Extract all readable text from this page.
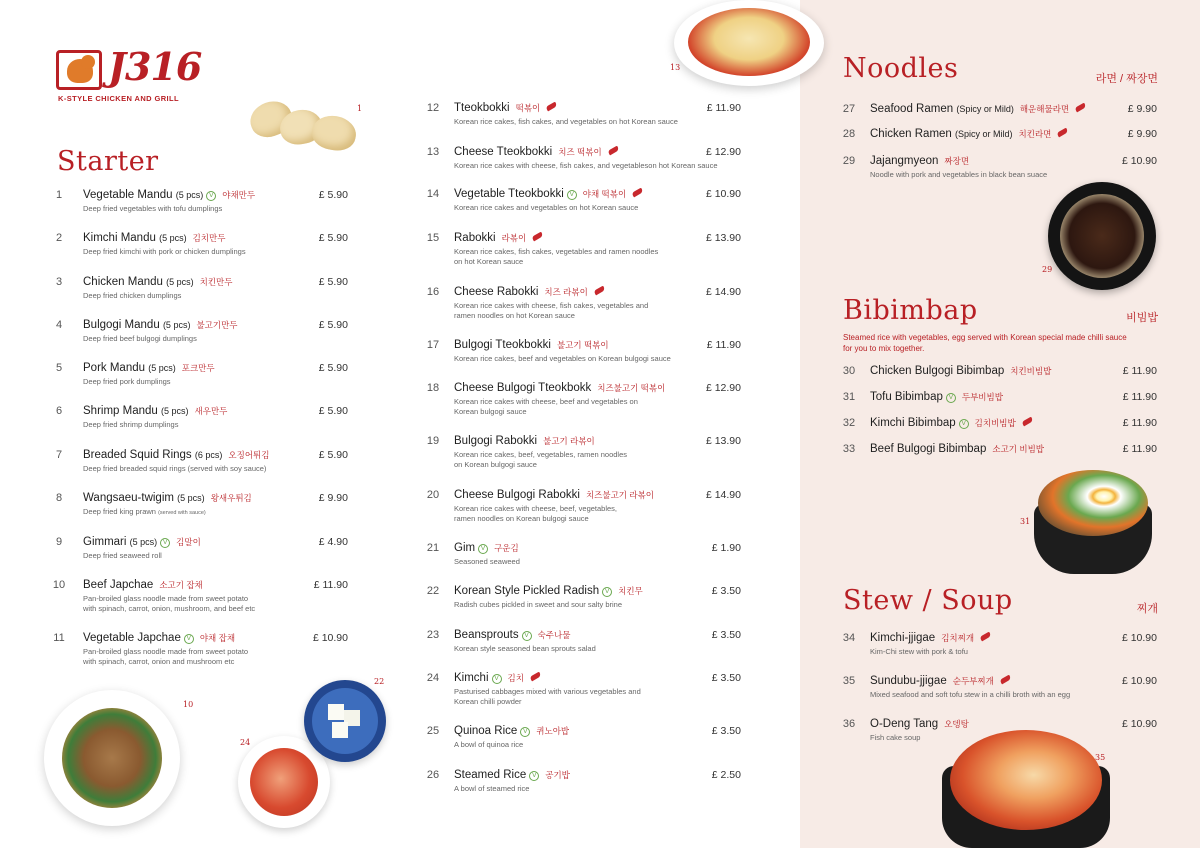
J316
K-STYLE CHICKEN AND GRILL
1
10
24
22
13
29
31
35
Starter
Noodles	라면 / 짜장면
Bibimbap	비빔밥
Steamed rice with vegetables, egg served with Korean special made chilli sauce
for you to mix together.
Stew / Soup	찌개
1	Vegetable Mandu (5 pcs) V 야채만두	£ 5.90
Deep fried vegetables with tofu dumplings
2	Kimchi Mandu (5 pcs) 김치만두	£ 5.90
Deep fried kimchi with pork or chicken dumplings
3	Chicken Mandu (5 pcs) 치킨만두	£ 5.90
Deep fried chicken dumplings
4	Bulgogi Mandu (5 pcs) 불고기만두	£ 5.90
Deep fried beef bulgogi dumplings
5	Pork Mandu (5 pcs) 포크만두	£ 5.90
Deep fried pork dumplings
6	Shrimp Mandu (5 pcs) 새우만두	£ 5.90
Deep fried shrimp dumplings
7	Breaded Squid Rings (6 pcs) 오징어튀김	£ 5.90
Deep fried breaded squid rings (served with soy sauce)
8	Wangsaeu-twigim (5 pcs) 왕새우튀김	£ 9.90
Deep fried king prawn (served with sauce)
9	Gimmari (5 pcs) V 김말이	£ 4.90
Deep fried seaweed roll
10	Beef Japchae 소고기 잡채	£ 11.90
Pan-broiled glass noodle made from sweet potato
with spinach, carrot, onion, mushroom, and beef etc
11	Vegetable Japchae V 야채 잡채	£ 10.90
Pan-broiled glass noodle made from sweet potato
with spinach, carrot, onion and mushroom etc
12	Tteokbokki 떡볶이	£ 11.90
Korean rice cakes, fish cakes, and vegetables on hot Korean sauce
13	Cheese Tteokbokki 치즈 떡볶이	£ 12.90
Korean rice cakes with cheese, fish cakes, and vegetableson hot Korean sauce
14	Vegetable Tteokbokki V 야채 떡볶이	£ 10.90
Korean rice cakes and vegetables on hot Korean sauce
15	Rabokki 라볶이	£ 13.90
Korean rice cakes, fish cakes, vegetables and ramen noodles
on hot Korean sauce
16	Cheese Rabokki 치즈 라볶이	£ 14.90
Korean rice cakes with cheese, fish cakes, vegetables and
ramen noodles on hot Korean sauce
17	Bulgogi Tteokbokki 불고기 떡볶이	£ 11.90
Korean rice cakes, beef and vegetables on Korean bulgogi sauce
18	Cheese Bulgogi Tteokbokk 치즈불고기 떡볶이	£ 12.90
Korean rice cakes with cheese, beef and vegetables on
Korean bulgogi sauce
19	Bulgogi Rabokki 불고기 라볶이	£ 13.90
Korean rice cakes, beef, vegetables, ramen noodles
on Korean bulgogi sauce
20	Cheese Bulgogi Rabokki 치즈불고기 라볶이	£ 14.90
Korean rice cakes with cheese, beef, vegetables,
ramen noodles on Korean bulgogi sauce
21	Gim V 구운김	£ 1.90
Seasoned seaweed
22	Korean Style Pickled Radish V 치킨무	£ 3.50
Radish cubes pickled in sweet and sour salty brine
23	Beansprouts V 숙주나물	£ 3.50
Korean style seasoned bean sprouts salad
24	Kimchi V 김치	£ 3.50
Pasturised cabbages mixed with various vegetables and
Korean chilli powder
25	Quinoa Rice V 퀴노아밥	£ 3.50
A bowl of quinoa rice
26	Steamed Rice V 공기밥	£ 2.50
A bowl of steamed rice
27	Seafood Ramen (Spicy or Mild) 해운해물라면	£ 9.90
28	Chicken Ramen (Spicy or Mild) 치킨라면	£ 9.90
29	Jajangmyeon 짜장면	£ 10.90
Noodle with pork and vegetables in black bean suace
30	Chicken Bulgogi Bibimbap 치킨비빔밥	£ 11.90
31	Tofu Bibimbap V 두부비빔밥	£ 11.90
32	Kimchi Bibimbap V 김치비빔밥	£ 11.90
33	Beef Bulgogi Bibimbap 소고기 비빔밥	£ 11.90
34	Kimchi-jjigae 김치찌개	£ 10.90
Kim-Chi stew with pork & tofu
35	Sundubu-jjigae 순두부찌개	£ 10.90
Mixed seafood and soft tofu stew in a chilli broth with an egg
36	O-Deng Tang 오뎅탕	£ 10.90
Fish cake soup
